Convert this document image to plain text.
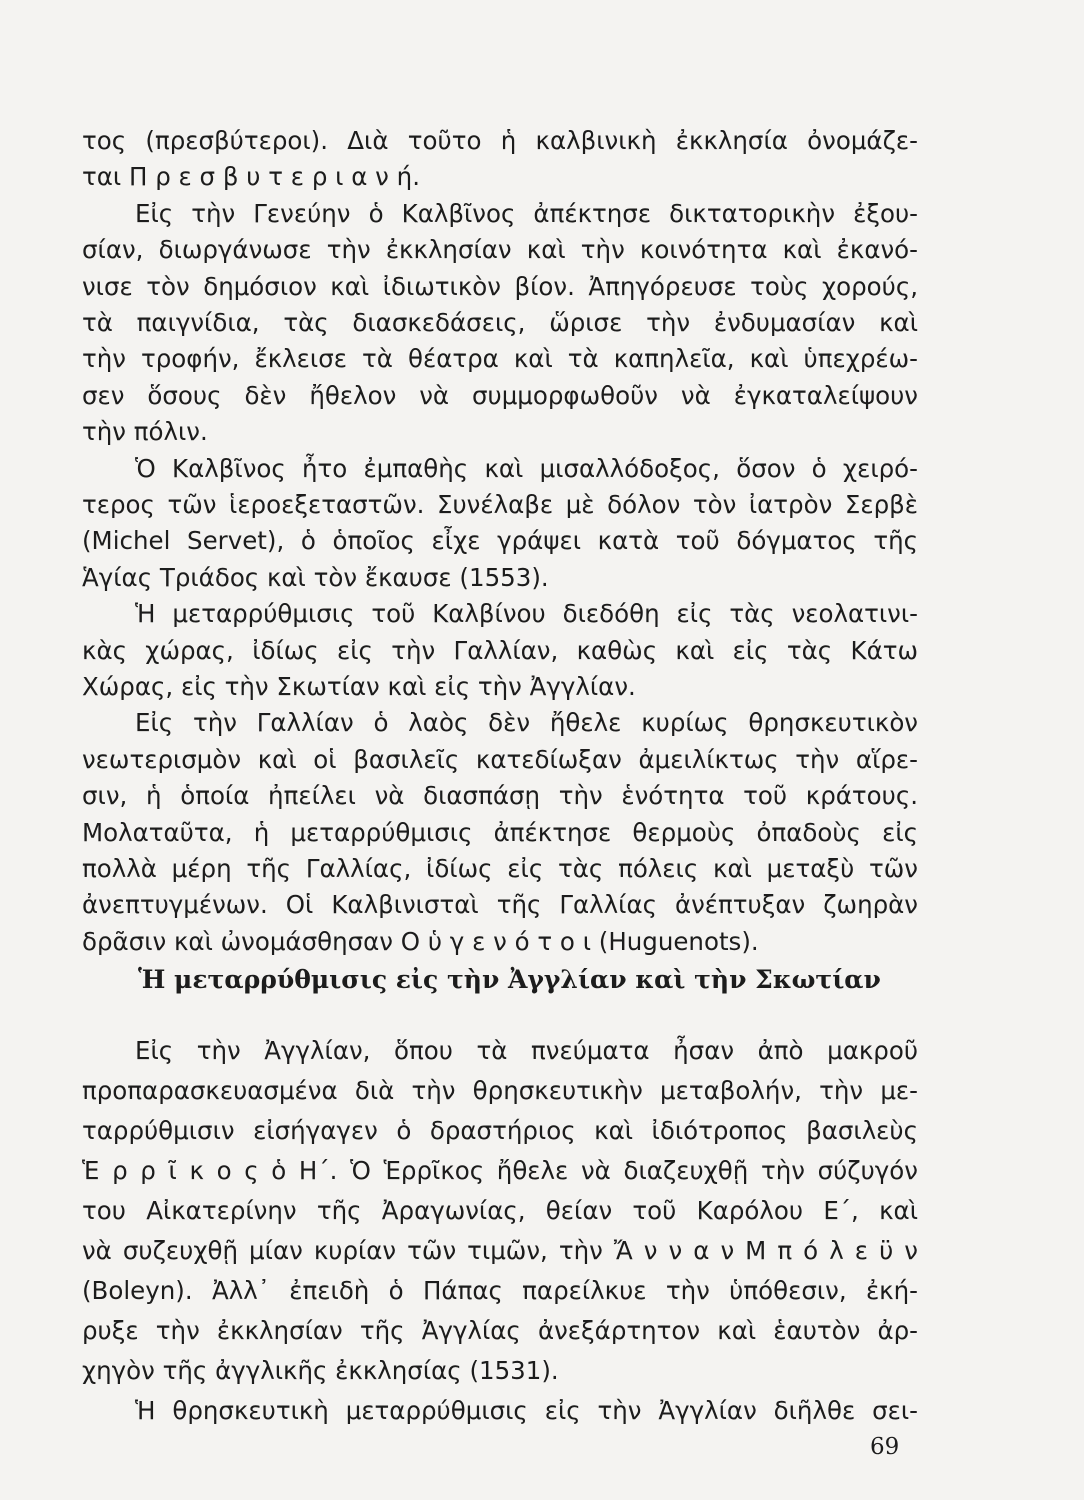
τος (πρεσβύτεροι). Διὰ τοῦτο ἡ καλβινικὴ ἐκκλησία ὀνομάζε-
ται Π ρ ε σ β υ τ ε ρ ι α ν ή.
Εἰς τὴν Γενεύην ὁ Καλβῖνος ἀπέκτησε δικτατορικὴν ἐξου-
σίαν, διωργάνωσε τὴν ἐκκλησίαν καὶ τὴν κοινότητα καὶ ἐκανό-
νισε τὸν δημόσιον καὶ ἰδιωτικὸν βίον. Ἀπηγόρευσε τοὺς χορούς,
τὰ παιγνίδια, τὰς διασκεδάσεις, ὥρισε τὴν ἐνδυμασίαν καὶ
τὴν τροφήν, ἔκλεισε τὰ θέατρα καὶ τὰ καπηλεῖα, καὶ ὑπεχρέω-
σεν ὅσους δὲν ἤθελον νὰ συμμορφωθοῦν νὰ ἐγκαταλείψουν
τὴν πόλιν.
Ὁ Καλβῖνος ἦτο ἐμπαθὴς καὶ μισαλλόδοξος, ὅσον ὁ χειρό-
τερος τῶν ἱεροεξεταστῶν. Συνέλαβε μὲ δόλον τὸν ἰατρὸν Σερβὲ
(Michel Servet), ὁ ὁποῖος εἶχε γράψει κατὰ τοῦ δόγματος τῆς
Ἁγίας Τριάδος καὶ τὸν ἔκαυσε (1553).
Ἡ μεταρρύθμισις τοῦ Καλβίνου διεδόθη εἰς τὰς νεολατινι-
κὰς χώρας, ἰδίως εἰς τὴν Γαλλίαν, καθὼς καὶ εἰς τὰς Κάτω
Χώρας, εἰς τὴν Σκωτίαν καὶ εἰς τὴν Ἀγγλίαν.
Εἰς τὴν Γαλλίαν ὁ λαὸς δὲν ἤθελε κυρίως θρησκευτικὸν
νεωτερισμὸν καὶ οἱ βασιλεῖς κατεδίωξαν ἀμειλίκτως τὴν αἵρε-
σιν, ἡ ὁποία ἠπείλει νὰ διασπάσῃ τὴν ἑνότητα τοῦ κράτους.
Μολαταῦτα, ἡ μεταρρύθμισις ἀπέκτησε θερμοὺς ὀπαδοὺς εἰς
πολλὰ μέρη τῆς Γαλλίας, ἰδίως εἰς τὰς πόλεις καὶ μεταξὺ τῶν
Ἡ μεταρρύθμισις εἰς τὴν Ἀγγλίαν καὶ τὴν Σκωτίαν
Εἰς τὴν Ἀγγλίαν, ὅπου τὰ πνεύματα ἦσαν ἀπὸ μακροῦ
προπαρασκευασμένα διὰ τὴν θρησκευτικὴν μεταβολήν, τὴν με-
ταρρύθμισιν εἰσήγαγεν ὁ δραστήριος καὶ ἰδιότροπος βασιλεὺς
Ἑ ρ ρ ῖ κ ο ς ὁ Η΄. Ὁ Ἑρρῖκος ἤθελε νὰ διαζευχθῇ τὴν σύζυγόν
του Αἰκατερίνην τῆς Ἀραγωνίας, θείαν τοῦ Καρόλου Ε΄, καὶ
νὰ συζευχθῇ μίαν κυρίαν τῶν τιμῶν, τὴν Ἄ ν ν α ν Μ π ό λ ε ϋ ν
(Boleyn). Ἀλλ᾽ ἐπειδὴ ὁ Πάπας παρείλκυε τὴν ὑπόθεσιν, ἐκή-
ρυξε τὴν ἐκκλησίαν τῆς Ἀγγλίας ἀνεξάρτητον καὶ ἑαυτὸν ἀρ-
χηγὸν τῆς ἀγγλικῆς ἐκκλησίας (1531).
Ἡ θρησκευτικὴ μεταρρύθμισις εἰς τὴν Ἀγγλίαν διῆλθε σει-
69
ἀνεπτυγμένων. Οἱ Καλβινισταὶ τῆς Γαλλίας ἀνέπτυξαν ζωηρὰν
δρᾶσιν καὶ ὠνομάσθησαν Ο ὑ γ ε ν ό τ ο ι (Huguenots).
